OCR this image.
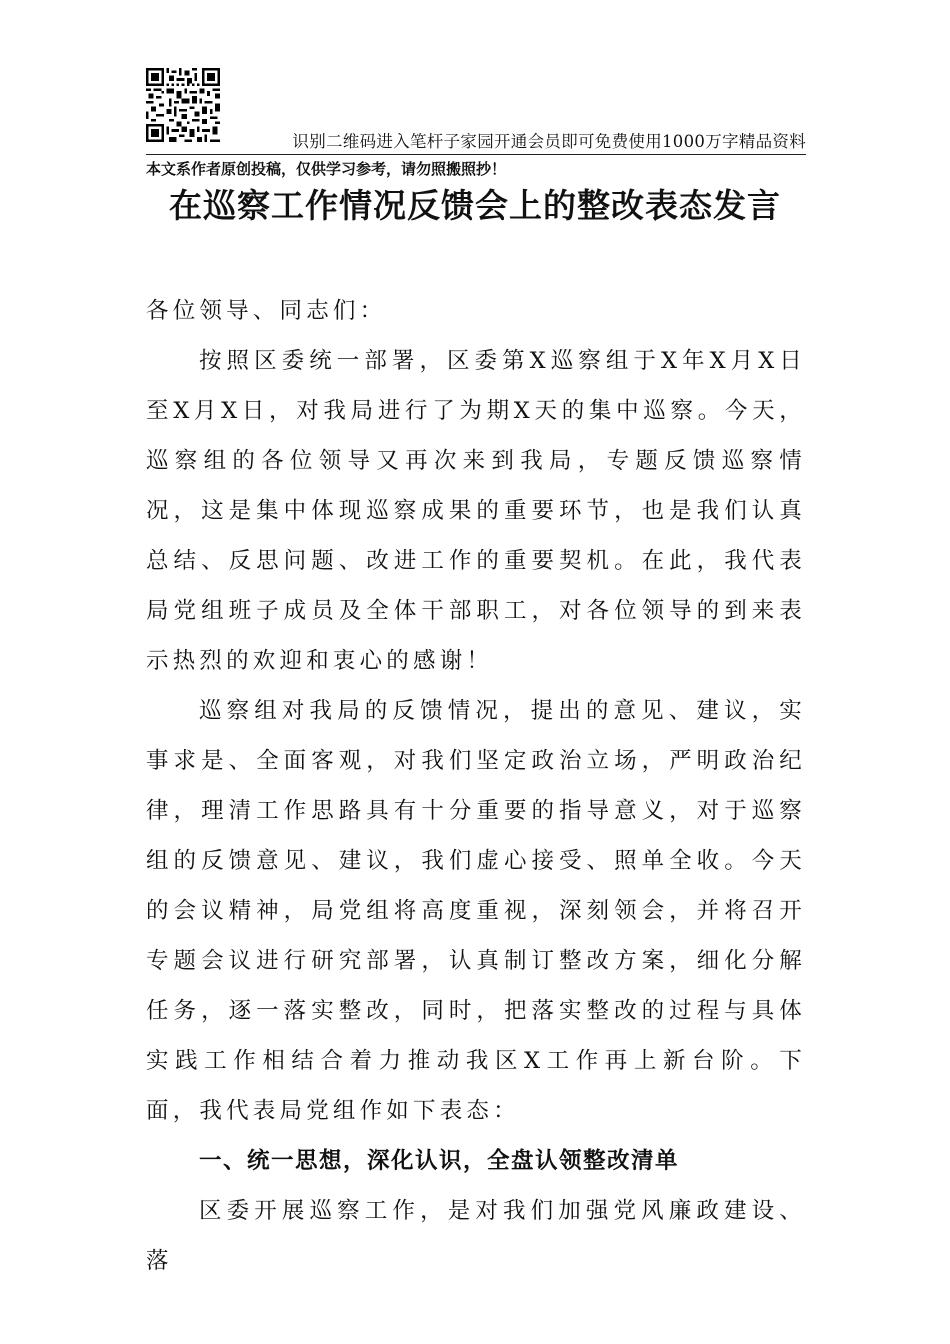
识别二维码进入笔杆子家园开通会员即可免费使用1000万字精品资料
本文系作者原创投稿，仅供学习参考，请勿照搬照抄！
在巡察工作情况反馈会上的整改表态发言

各位领导、同志们：

按照区委统一部署，区委第X巡察组于X年X月X日至X月X日，对我局进行了为期X天的集中巡察。今天，巡察组的各位领导又再次来到我局，专题反馈巡察情况，这是集中体现巡察成果的重要环节，也是我们认真总结、反思问题、改进工作的重要契机。在此，我代表局党组班子成员及全体干部职工，对各位领导的到来表示热烈的欢迎和衷心的感谢！

巡察组对我局的反馈情况，提出的意见、建议，实事求是、全面客观，对我们坚定政治立场，严明政治纪律，理清工作思路具有十分重要的指导意义，对于巡察组的反馈意见、建议，我们虚心接受、照单全收。今天的会议精神，局党组将高度重视，深刻领会，并将召开专题会议进行研究部署，认真制订整改方案，细化分解任务，逐一落实整改，同时，把落实整改的过程与具体实践工作相结合着力推动我区X工作再上新台阶。下面，我代表局党组作如下表态：

一、统一思想，深化认识，全盘认领整改清单

区委开展巡察工作，是对我们加强党风廉政建设、落
